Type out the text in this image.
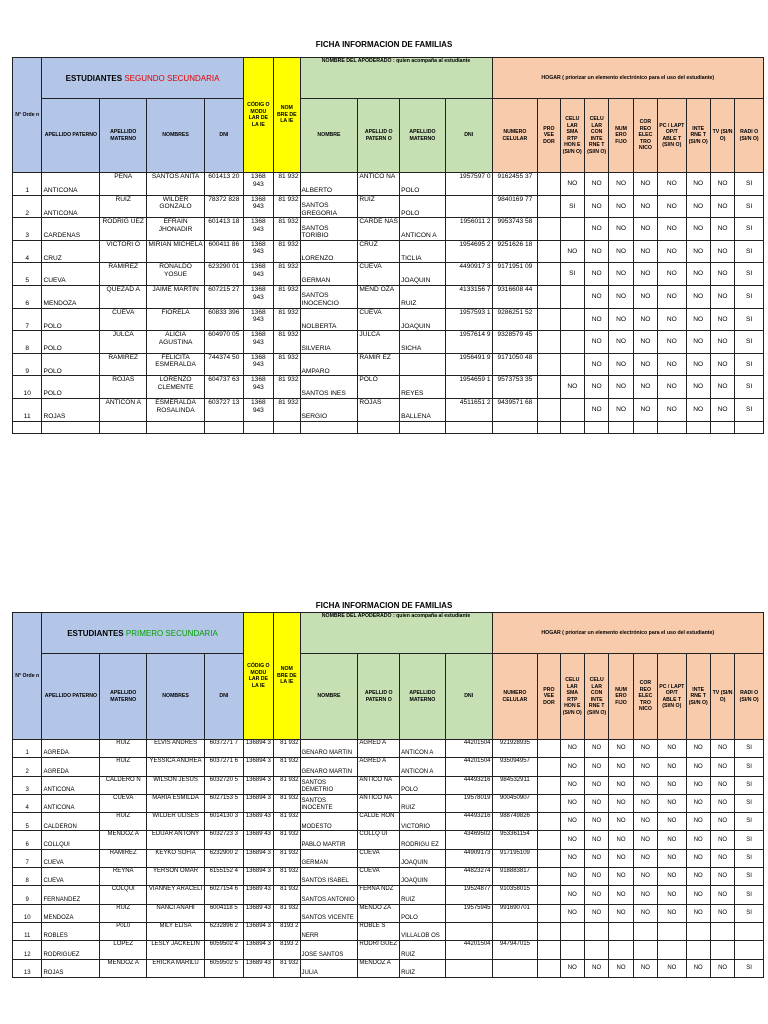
FICHA INFORMACION DE FAMILIAS
N° Orde n	ESTUDIANTES SEGUNDO SECUNDARIA				CÓDIG O MODU LAR DE LA IE	NOM BRE DE LA IE	NOMBRE DEL APODERADO : quien acompaña al estudiante				HOGAR ( priorizar un elemento electrónico para el uso del estudiante)									
	APELLIDO PATERNO	APELLIDO MATERNO	NOMBRES	DNI			NOMBRE	APELLID O PATERN O	APELLIDO MATERNO	DNI	NUMERO CELULAR	PRO VEE DOR	CELU LAR SMA RTP HON E (SI/N O)	CELU LAR CON INTE RNE T (SI/N O)	NUM ERO FIJO	COR REO ELEC TRO NICO	PC / LAPT OP/T ABLE T (SI/N O)	INTE RNE T (SI/N O)	TV (SI/N O)	RADI O (SI/N O)
1	ANTICONA	PEÑA	SANTOS ANITA	601413 20	1368 943	81 932	ALBERTO	ANTICO NA	POLO	1957597 0	9162455 37		NO	NO	NO	NO	NO	NO	NO	SI
2	ANTICONA	RUIZ	WILDER GONZALO	78372 828	1368 943	81 932	SANTOS GREGORIA	RUIZ	POLO		9840169 77		SI	NO	NO	NO	NO	NO	NO	SI
3	CARDENAS	RODRIG UEZ	EFRAIN JHONADIR	601413 18	1368 943	81 932	SANTOS TORIBIO	CARDE NAS	ANTICON A	1956011 2	9953743 58			NO	NO	NO	NO	NO	NO	SI
4	CRUZ	VICTORI O	MIRIAN MICHELA	600411 86	1368 943	81 932	LORENZO	CRUZ	TICLIA	1954695 2	9251626 18		NO	NO	NO	NO	NO	NO	NO	SI
5	CUEVA	RAMIREZ	RONALDO YOSUE	623290 01	1368 943	81 932	GERMAN	CUEVA	JOAQUIN	4490917 3	9171951 09		SI	NO	NO	NO	NO	NO	NO	SI
6	MENDOZA	QUEZAD A	JAIME MARTIN	607215 27	1368 943	81 932	SANTOS INOCENCIO	MEND OZA	RUIZ	4133156 7	9316608 44			NO	NO	NO	NO	NO	NO	SI
7	POLO	CUEVA	FIORELA	60833 396	1368 943	81 932	NOLBERTA	CUEVA	JOAQUIN	1957593 1	9286251 52			NO	NO	NO	NO	NO	NO	SI
8	POLO	JULCA	ALICIA AGUSTINA	604970 05	1368 943	81 932	SILVERIA	JULCA	SICHA	1957614 9	9328579 45			NO	NO	NO	NO	NO	NO	SI
9	POLO	RAMIREZ	FELICITA ESMERALDA	744374 50	1368 943	81 932	AMPARO	RAMIR EZ		1956491 9	9171050 48			NO	NO	NO	NO	NO	NO	SI
10	POLO	ROJAS	LORENZO CLEMENTE	604737 63	1368 943	81 932	SANTOS INES	POLO	REYES	1954659 1	9573753 35		NO	NO	NO	NO	NO	NO	NO	SI
11	ROJAS	ANTICON A	ESMERALDA ROSALINDA	603727 13	1368 943	81 932	SERGIO	ROJAS	BALLENA	4511651 2	9439571 68			NO	NO	NO	NO	NO	NO	SI

FICHA INFORMACION DE FAMILIAS
N° Orde n	ESTUDIANTES PRIMERO SECUNDARIA				CÓDIG O MODU LAR DE LA IE	NOM BRE DE LA IE	NOMBRE DEL APODERADO : quien acompaña al estudiante				HOGAR ( priorizar un elemento electrónico para el uso del estudiante)									
	APELLIDO PATERNO	APELLIDO MATERNO	NOMBRES	DNI			NOMBRE	APELLID O PATERN O	APELLIDO MATERNO	DNI	NUMERO CELULAR	PRO VEE DOR	CELU LAR SMA RTP HON E (SI/N O)	CELU LAR CON INTE RNE T (SI/N O)	NUM ERO FIJO	COR REO ELEC TRO NICO	PC / LAPT OP/T ABLE T (SI/N O)	INTE RNE T (SI/N O)	TV (SI/N O)	RADI O (SI/N O)
1	AGREDA	RUIZ	ELVIS ANDRES	6037271 7	136894 3	81 932	GENARO MARTIN	AGRED A	ANTICON A	44201504	921928935		NO	NO	NO	NO	NO	NO	NO	SI
2	AGREDA	RUIZ	YESSICA ANDREA	6037271 6	136894 3	81 932	GENARO MARTIN	AGRED A	ANTICON A	44201504	935094957		NO	NO	NO	NO	NO	NO	NO	SI
3	ANTICONA	CALDERO N	WILSON JESUS	6032720 5	136894 3	81 932	SANTOS DEMETRIO	ANTICO NA	POLO	44493216	984532911		NO	NO	NO	NO	NO	NO	NO	SI
4	ANTICONA	CUEVA	MARIA ESMILDA	6027153 5	136894 3	81 932	SANTOS INOCENTE	ANTICO NA	RUIZ	19578019	900450907		NO	NO	NO	NO	NO	NO	NO	SI
5	CALDERON	RUIZ	WILDER ULISES	6014130 3	13689 43	81 932	MODESTO	CALDE RON	VICTORIO	44493216	988749826		NO	NO	NO	NO	NO	NO	NO	SI
6	COLLQUI	MENDOZ A	EDUAR ANTONY	6032723 3	13689 43	81 932	PABLO MARTIR	COLLQ UI	RODRIGU EZ	43469502	953361154		NO	NO	NO	NO	NO	NO	NO	SI
7	CUEVA	RAMIREZ	KEYKO SOFIA	6232900 2	136894 3	81 932	GERMAN	CUEVA	JOAQUIN	44909173	917195109		NO	NO	NO	NO	NO	NO	NO	SI
8	CUEVA	REYNA	YERSON OMAR	6155152 4	136894 3	81 932	SANTOS ISABEL	CUEVA	JOAQUIN	44823274	918883817		NO	NO	NO	NO	NO	NO	NO	SI
9	FERNANDEZ	COLQUI	VIANNEY ARACELI	6027154 6	13689 43	81 932	SANTOS ANTONIO	FERNA NDZ	RUIZ	19524877	910358015		NO	NO	NO	NO	NO	NO	NO	SI
10	MENDOZA	RUIZ	NANCI ANAHI	6004118 5	13689 43	81 932	SANTOS VICENTE	MENDO ZA	POLO	19575945	991690701		NO	NO	NO	NO	NO	NO	NO	SI
11	ROBLES	P0L0	MILY ELISA	6232896 2	136894 3	8193 2	NERR	ROBLE S	VILLALOB OS											
12	RODRIGUEZ	LOPEZ	LESLY JACKELIN	6059502 4	136894 3	8193 2	JOSE SANTOS	RODRI GUEZ	RUIZ	44201504	947947015									
13	ROJAS	MENDOZ A	ERICKA MARILU	6059502 5	13689 43	81 932	JULIA	MENDOZ A	RUIZ				NO	NO	NO	NO	NO	NO	NO	SI
